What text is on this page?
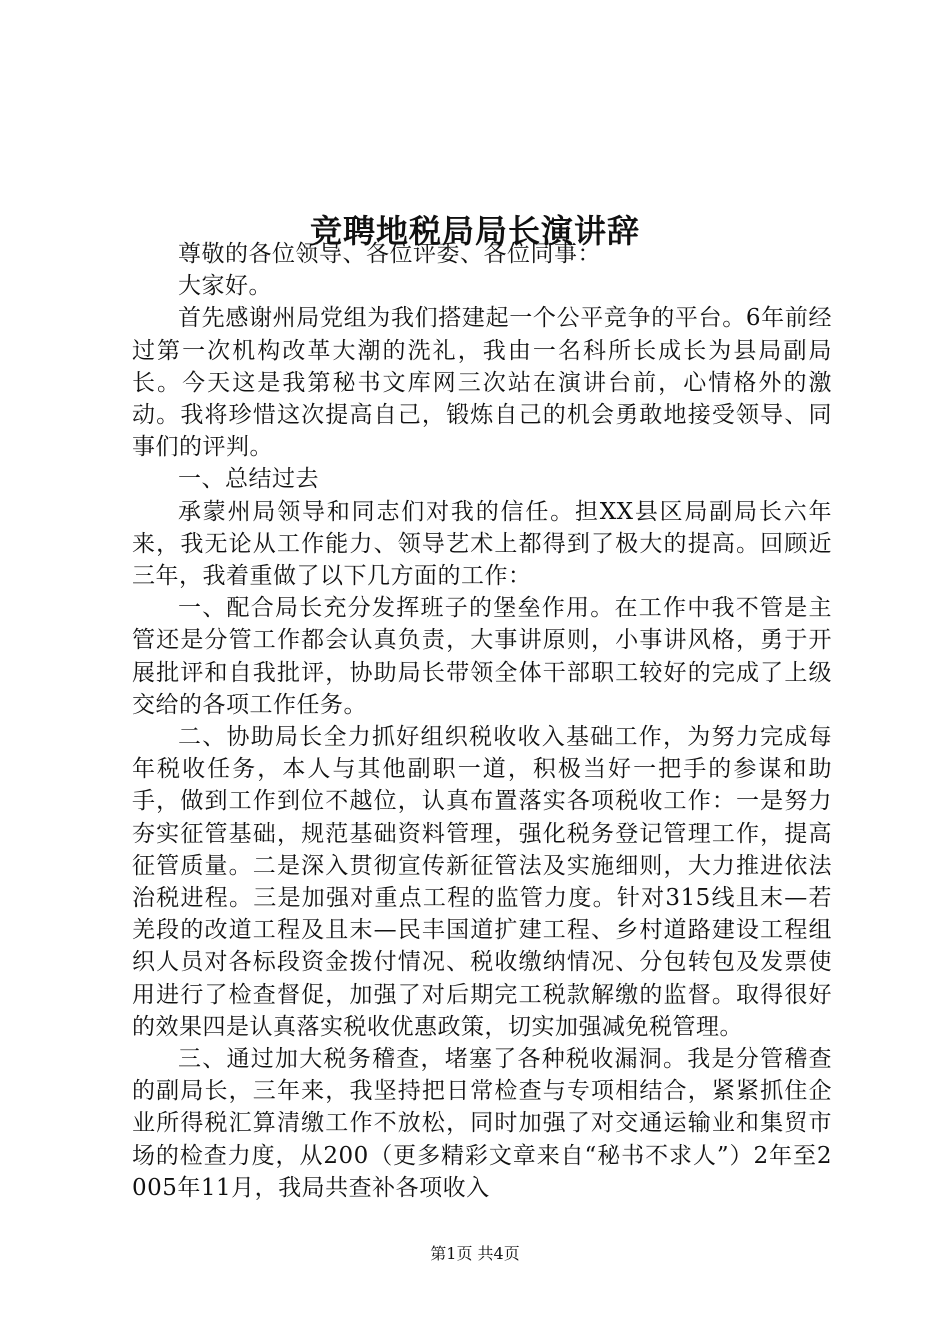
竞聘地税局局长演讲辞

尊敬的各位领导、各位评委、各位同事：

大家好。

首先感谢州局党组为我们搭建起一个公平竞争的平台。6年前经过第一次机构改革大潮的洗礼，我由一名科所长成长为县局副局长。今天这是我第秘书文库网三次站在演讲台前，心情格外的激动。我将珍惜这次提高自己，锻炼自己的机会勇敢地接受领导、同事们的评判。

一、总结过去

承蒙州局领导和同志们对我的信任。担XX县区局副局长六年来，我无论从工作能力、领导艺术上都得到了极大的提高。回顾近三年，我着重做了以下几方面的工作：

一、配合局长充分发挥班子的堡垒作用。在工作中我不管是主管还是分管工作都会认真负责，大事讲原则，小事讲风格，勇于开展批评和自我批评，协助局长带领全体干部职工较好的完成了上级交给的各项工作任务。

二、协助局长全力抓好组织税收收入基础工作，为努力完成每年税收任务，本人与其他副职一道，积极当好一把手的参谋和助手，做到工作到位不越位，认真布置落实各项税收工作：一是努力夯实征管基础，规范基础资料管理，强化税务登记管理工作，提高征管质量。二是深入贯彻宣传新征管法及实施细则，大力推进依法治税进程。三是加强对重点工程的监管力度。针对315线且末—若羌段的改道工程及且末—民丰国道扩建工程、乡村道路建设工程组织人员对各标段资金拨付情况、税收缴纳情况、分包转包及发票使用进行了检查督促，加强了对后期完工税款解缴的监督。取得很好的效果四是认真落实税收优惠政策，切实加强减免税管理。

三、通过加大税务稽查，堵塞了各种税收漏洞。我是分管稽查的副局长，三年来，我坚持把日常检查与专项相结合，紧紧抓住企业所得税汇算清缴工作不放松，同时加强了对交通运输业和集贸市场的检查力度，从200（更多精彩文章来自“秘书不求人”）2年至2005年11月，我局共查补各项收入

第1页 共4页
